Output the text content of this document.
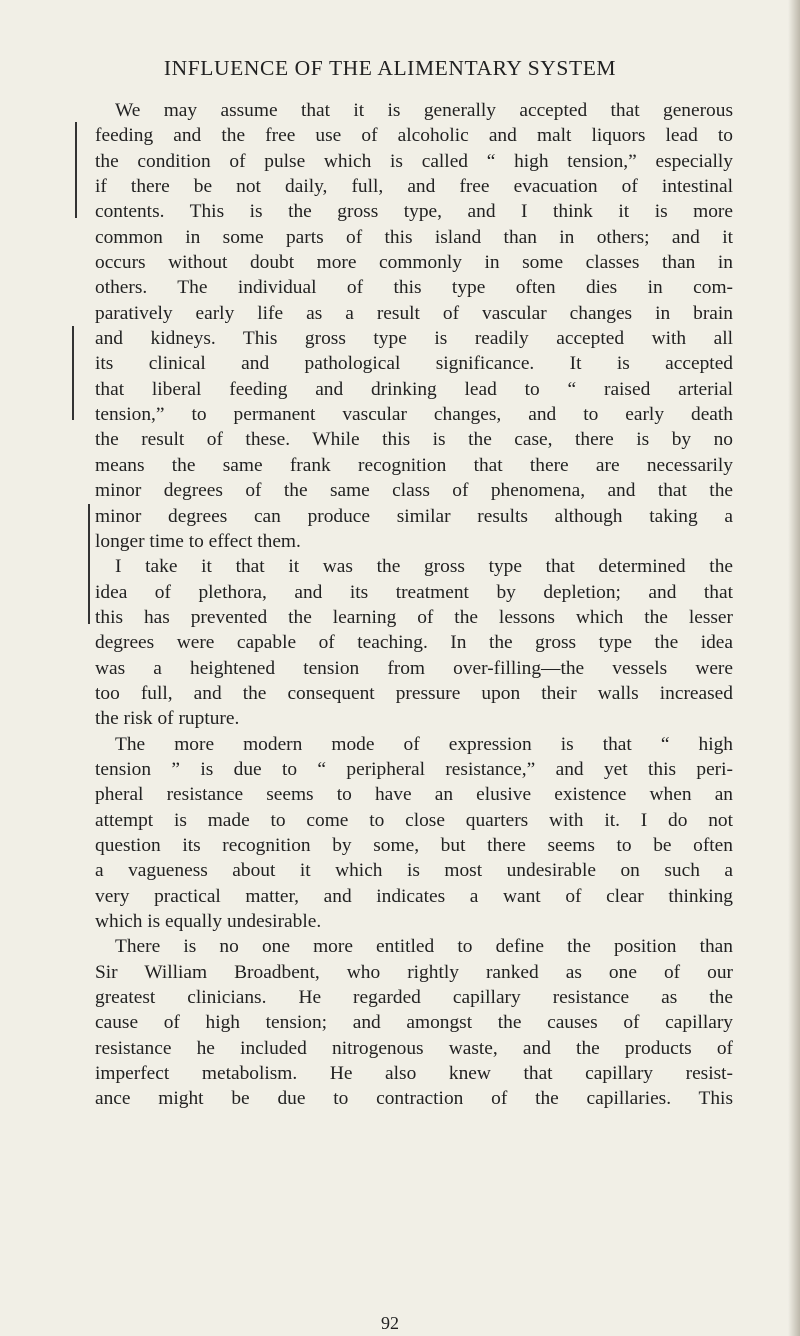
INFLUENCE OF THE ALIMENTARY SYSTEM
We may assume that it is generally accepted that generous
feeding and the free use of alcoholic and malt liquors lead to
the condition of pulse which is called “ high tension,” especially
if there be not daily, full, and free evacuation of intestinal
contents. This is the gross type, and I think it is more
common in some parts of this island than in others; and it
occurs without doubt more commonly in some classes than in
others. The individual of this type often dies in com-
paratively early life as a result of vascular changes in brain
and kidneys. This gross type is readily accepted with all
its clinical and pathological significance. It is accepted
that liberal feeding and drinking lead to “ raised arterial
tension,” to permanent vascular changes, and to early death
the result of these. While this is the case, there is by no
means the same frank recognition that there are necessarily
minor degrees of the same class of phenomena, and that the
minor degrees can produce similar results although taking a
longer time to effect them.
I take it that it was the gross type that determined the
idea of plethora, and its treatment by depletion; and that
this has prevented the learning of the lessons which the lesser
degrees were capable of teaching. In the gross type the idea
was a heightened tension from over-filling—the vessels were
too full, and the consequent pressure upon their walls increased
the risk of rupture.
The more modern mode of expression is that “ high
tension ” is due to “ peripheral resistance,” and yet this peri-
pheral resistance seems to have an elusive existence when an
attempt is made to come to close quarters with it. I do not
question its recognition by some, but there seems to be often
a vagueness about it which is most undesirable on such a
very practical matter, and indicates a want of clear thinking
which is equally undesirable.
There is no one more entitled to define the position than
Sir William Broadbent, who rightly ranked as one of our
greatest clinicians. He regarded capillary resistance as the
cause of high tension; and amongst the causes of capillary
resistance he included nitrogenous waste, and the products of
imperfect metabolism. He also knew that capillary resist-
ance might be due to contraction of the capillaries. This
92
